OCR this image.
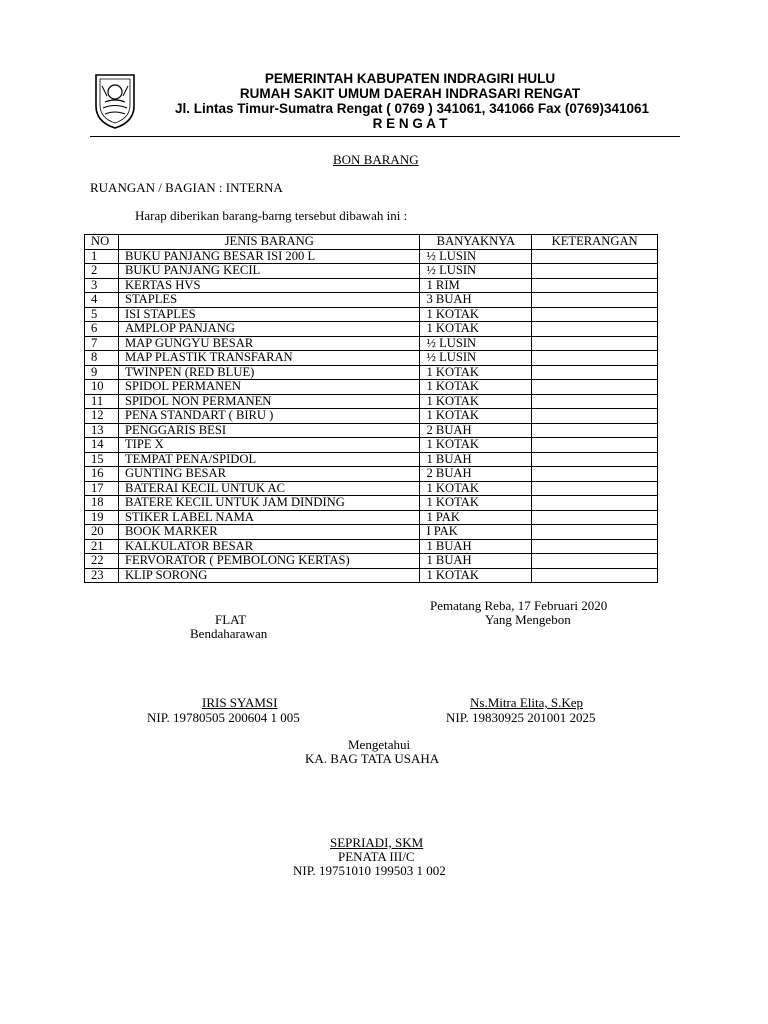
PEMERINTAH KABUPATEN INDRAGIRI HULU
RUMAH SAKIT UMUM DAERAH INDRASARI RENGAT
Jl. Lintas Timur-Sumatra Rengat ( 0769 ) 341061, 341066 Fax (0769)341061
R E N G A T
BON BARANG
RUANGAN / BAGIAN : INTERNA
Harap diberikan barang-barng tersebut dibawah ini :
NO	JENIS BARANG	BANYAKNYA	KETERANGAN
1	BUKU PANJANG BESAR ISI 200 L	½ LUSIN	
2	BUKU PANJANG KECIL	½ LUSIN	
3	KERTAS HVS	1 RIM	
4	STAPLES	3 BUAH	
5	ISI STAPLES	1 KOTAK	
6	AMPLOP PANJANG	1 KOTAK	
7	MAP GUNGYU BESAR	½ LUSIN	
8	MAP PLASTIK TRANSFARAN	½ LUSIN	
9	TWINPEN (RED BLUE)	1 KOTAK	
10	SPIDOL PERMANEN	1 KOTAK	
11	SPIDOL NON PERMANEN	1 KOTAK	
12	PENA STANDART ( BIRU )	1 KOTAK	
13	PENGGARIS BESI	2 BUAH	
14	TIPE X	1 KOTAK	
15	TEMPAT PENA/SPIDOL	1 BUAH	
16	GUNTING BESAR	2 BUAH	
17	BATERAI KECIL UNTUK AC	1 KOTAK	
18	BATERE KECIL UNTUK JAM DINDING	1 KOTAK	
19	STIKER LABEL NAMA	1 PAK	
20	BOOK MARKER	I PAK	
21	KALKULATOR BESAR	1 BUAH	
22	FERVORATOR ( PEMBOLONG KERTAS)	1 BUAH	
23	KLIP SORONG	1 KOTAK	
Pematang Reba, 17 Februari 2020
Yang Mengebon
FLAT
Bendaharawan
IRIS SYAMSI
NIP. 19780505 200604 1 005
Ns.Mitra Elita, S.Kep
NIP. 19830925 201001 2025
Mengetahui
KA. BAG TATA USAHA
SEPRIADI, SKM
PENATA III/C
NIP. 19751010 199503 1 002
